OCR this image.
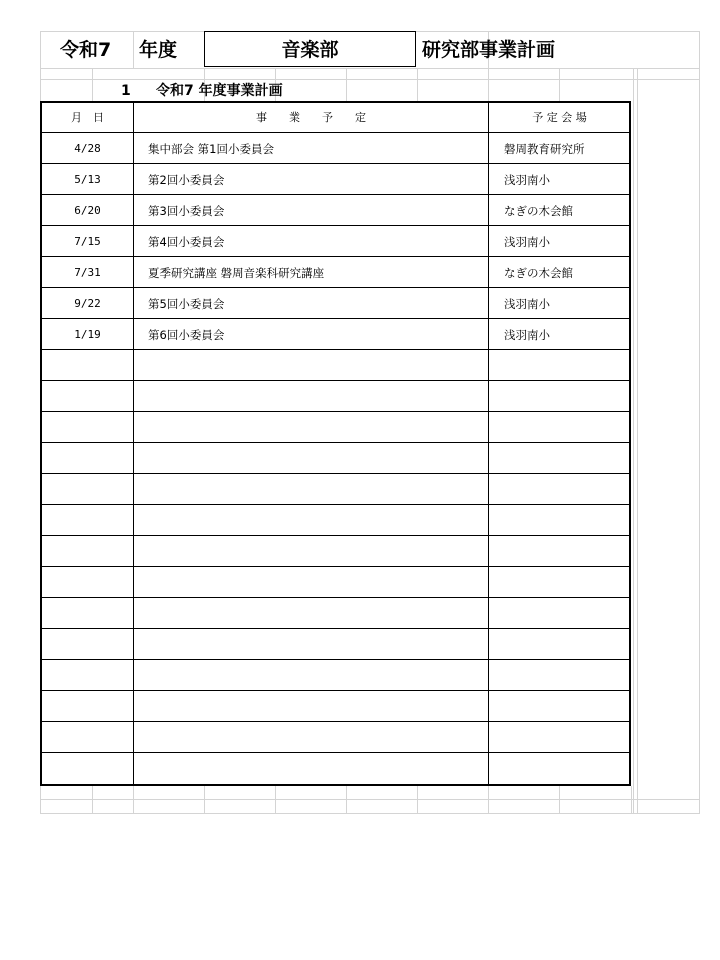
令和7 年度	音楽部	研究部事業計画
1 令和7 年度事業計画
月　日	事　　業　　予　　定	予 定 会 場
4/28	集中部会 第1回小委員会	磐周教育研究所
5/13	第2回小委員会	浅羽南小
6/20	第3回小委員会	なぎの木会館
7/15	第4回小委員会	浅羽南小
7/31	夏季研究講座 磐周音楽科研究講座	なぎの木会館
9/22	第5回小委員会	浅羽南小
1/19	第6回小委員会	浅羽南小
